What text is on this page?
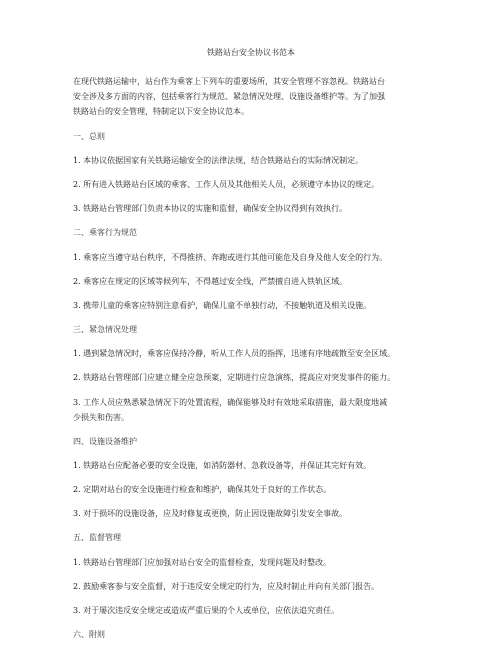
铁路站台安全协议书范本
在现代铁路运输中，站台作为乘客上下列车的重要场所，其安全管理不容忽视。铁路站台
安全涉及多方面的内容，包括乘客行为规范、紧急情况处理、设施设备维护等。为了加强
铁路站台的安全管理，特制定以下安全协议范本。
一、总则
1. 本协议依据国家有关铁路运输安全的法律法规，结合铁路站台的实际情况制定。
2. 所有进入铁路站台区域的乘客、工作人员及其他相关人员，必须遵守本协议的规定。
3. 铁路站台管理部门负责本协议的实施和监督，确保安全协议得到有效执行。
二、乘客行为规范
1. 乘客应当遵守站台秩序，不得推挤、奔跑或进行其他可能危及自身及他人安全的行为。
2. 乘客应在规定的区域等候列车，不得越过安全线，严禁擅自进入铁轨区域。
3. 携带儿童的乘客应特别注意看护，确保儿童不单独行动，不接触轨道及相关设施。
三、紧急情况处理
1. 遇到紧急情况时，乘客应保持冷静，听从工作人员的指挥，迅速有序地疏散至安全区域。
2. 铁路站台管理部门应建立健全应急预案，定期进行应急演练，提高应对突发事件的能力。
3. 工作人员应熟悉紧急情况下的处置流程，确保能够及时有效地采取措施，最大限度地减
少损失和伤害。
四、设施设备维护
1. 铁路站台应配备必要的安全设施，如消防器材、急救设备等，并保证其完好有效。
2. 定期对站台的安全设施进行检查和维护，确保其处于良好的工作状态。
3. 对于损坏的设施设备，应及时修复或更换，防止因设施故障引发安全事故。
五、监督管理
1. 铁路站台管理部门应加强对站台安全的监督检查，发现问题及时整改。
2. 鼓励乘客参与安全监督，对于违反安全规定的行为，应及时制止并向有关部门报告。
3. 对于屡次违反安全规定或造成严重后果的个人或单位，应依法追究责任。
六、附则
